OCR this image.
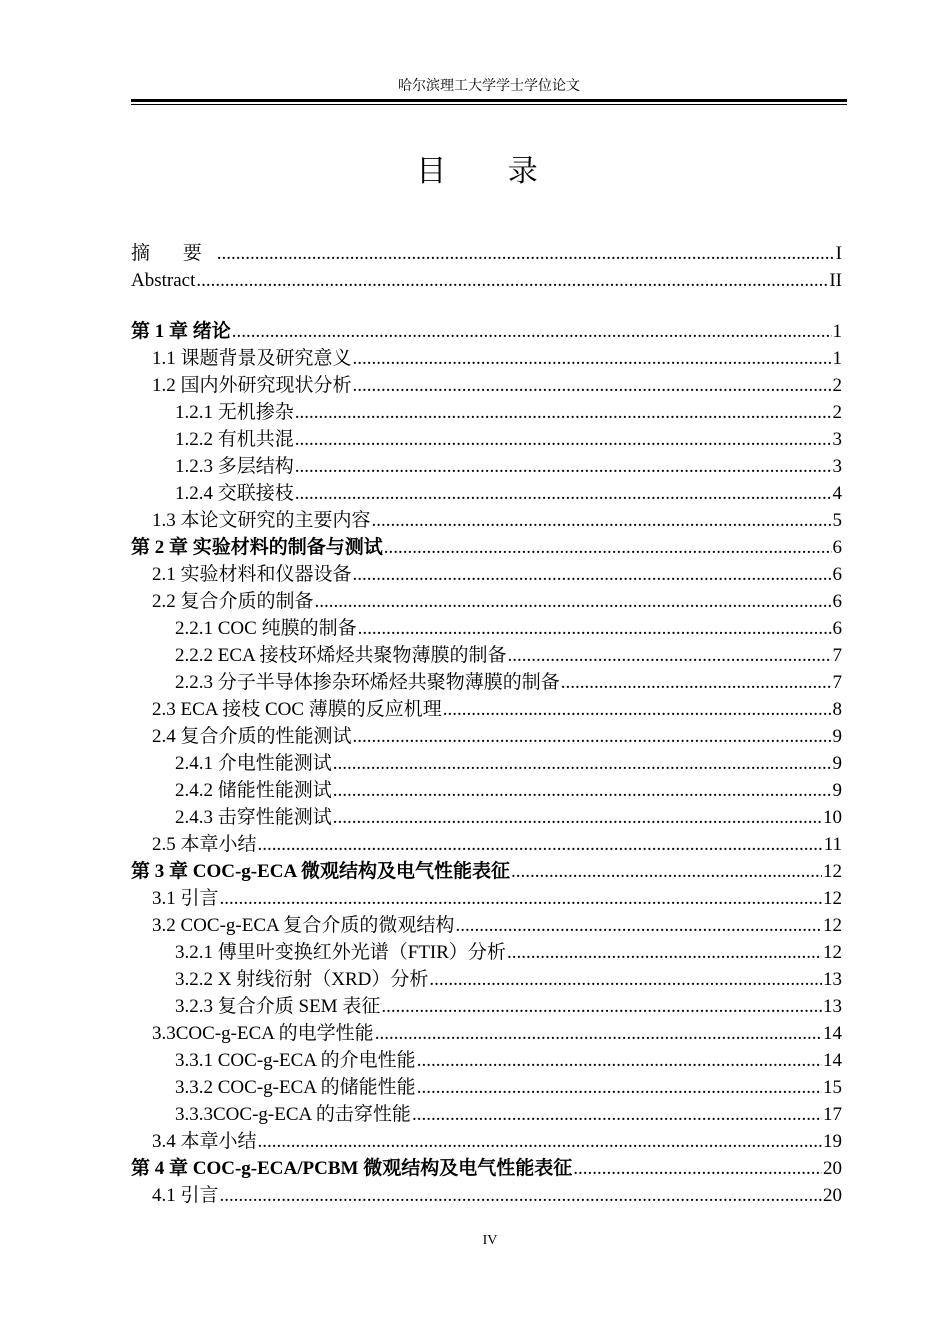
哈尔滨理工大学学士学位论文
目 录
摘 要 .....	I
Abstract .....	II
第 1 章 绪论 .....	1
1.1 课题背景及研究意义 .....	1
1.2 国内外研究现状分析 .....	2
1.2.1 无机掺杂 .....	2
1.2.2 有机共混 .....	3
1.2.3 多层结构 .....	3
1.2.4 交联接枝 .....	4
1.3 本论文研究的主要内容 .....	5
第 2 章 实验材料的制备与测试 .....	6
2.1 实验材料和仪器设备 .....	6
2.2 复合介质的制备 .....	6
2.2.1 COC 纯膜的制备 .....	6
2.2.2 ECA 接枝环烯烃共聚物薄膜的制备 .....	7
2.2.3 分子半导体掺杂环烯烃共聚物薄膜的制备 .....	7
2.3 ECA 接枝 COC 薄膜的反应机理 .....	8
2.4 复合介质的性能测试 .....	9
2.4.1 介电性能测试 .....	9
2.4.2 储能性能测试 .....	9
2.4.3 击穿性能测试 .....	10
2.5 本章小结 .....	11
第 3 章 COC-g-ECA 微观结构及电气性能表征 .....	12
3.1 引言 .....	12
3.2 COC-g-ECA 复合介质的微观结构 .....	12
3.2.1 傅里叶变换红外光谱（FTIR）分析 .....	12
3.2.2 X 射线衍射（XRD）分析 .....	13
3.2.3 复合介质 SEM 表征 .....	13
3.3COC-g-ECA 的电学性能 .....	14
3.3.1 COC-g-ECA 的介电性能 .....	14
3.3.2 COC-g-ECA 的储能性能 .....	15
3.3.3COC-g-ECA 的击穿性能 .....	17
3.4 本章小结 .....	19
第 4 章 COC-g-ECA/PCBM 微观结构及电气性能表征 .....	20
4.1 引言 .....	20
IV
